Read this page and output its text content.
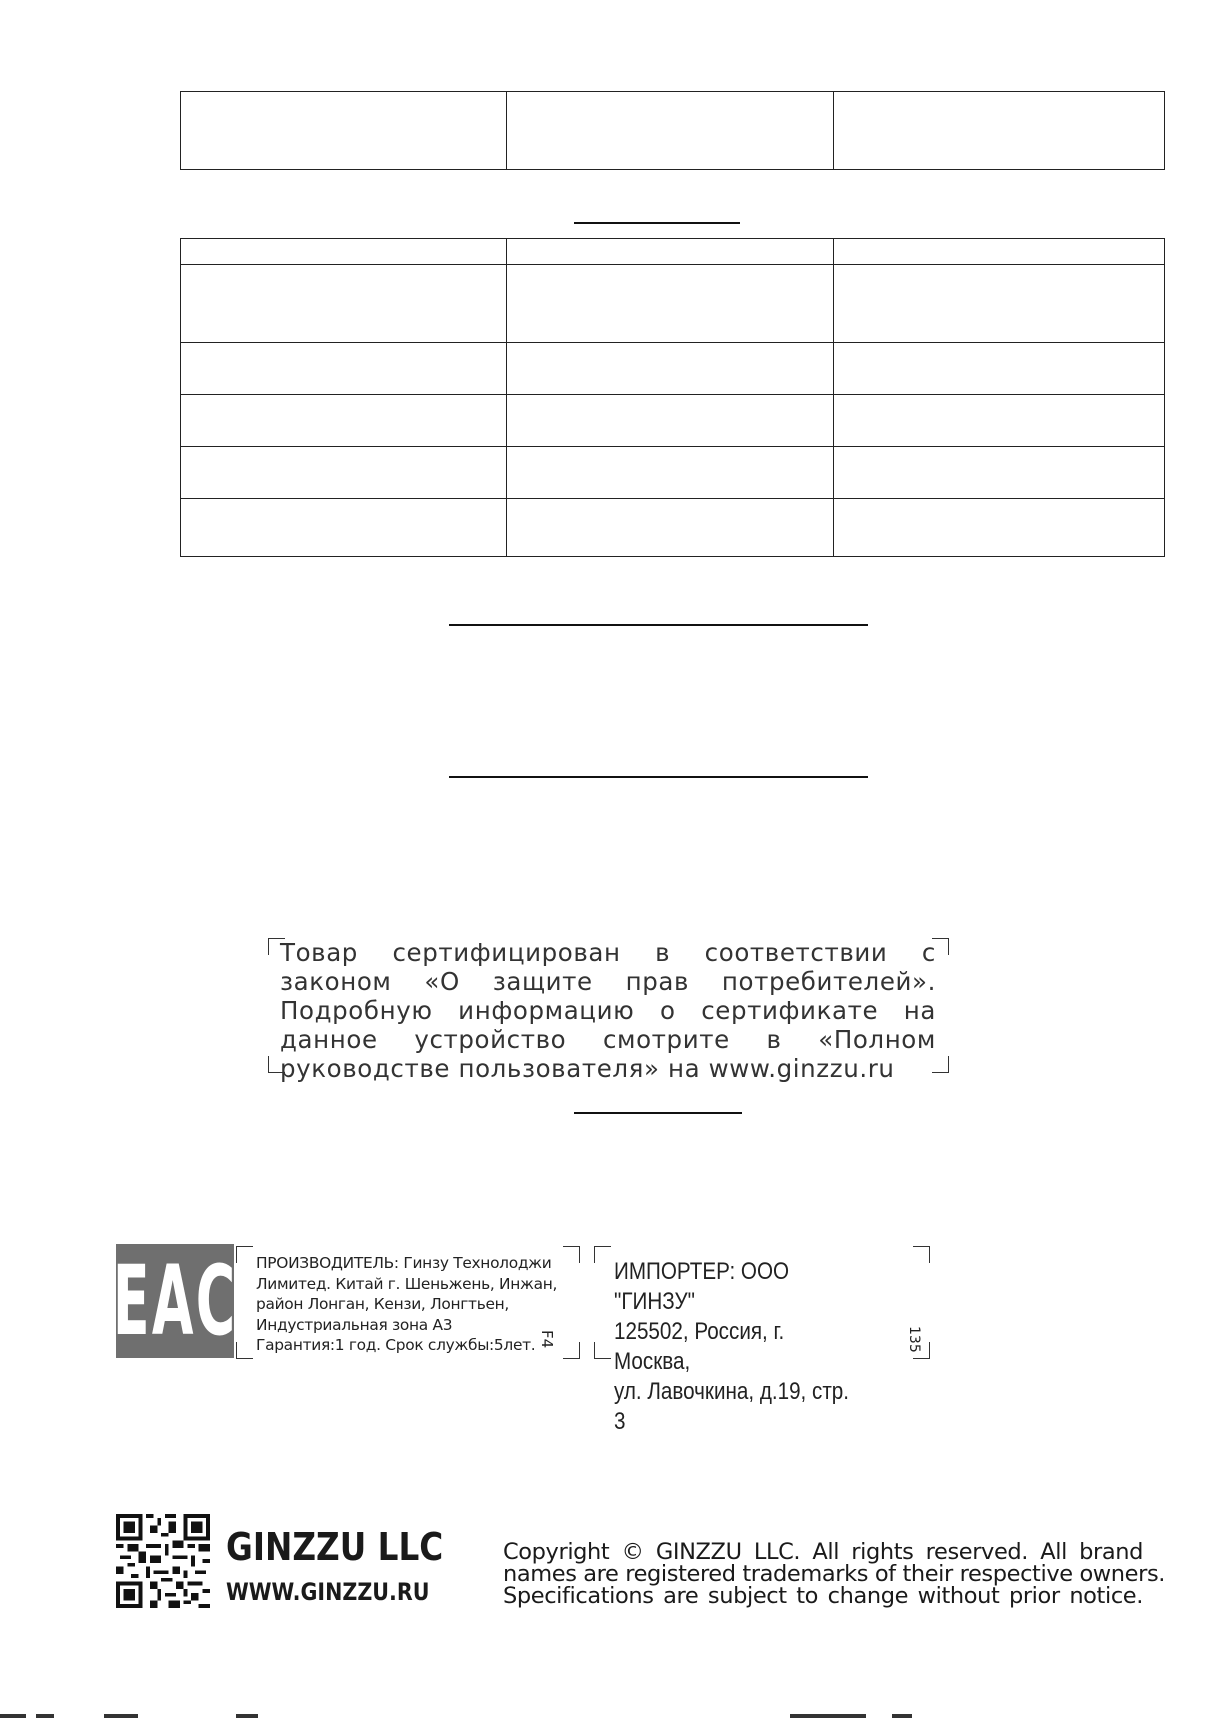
Товар сертифицирован в соответствии с законом «О защите прав потребителей». Подробную информацию о сертификате на данное устройство смотрите в «Полном руководстве пользователя» на www.ginzzu.ru
EAC ПРОИЗВОДИТЕЛЬ: Гинзу Технолоджи
Лимитед. Китай г. Шеньжень, Инжан,
район Лонган, Кензи, Лонгтьен,
Индустриальная зона А3
Гарантия:1 год. Срок службы:5лет. F4
ИМПОРТЕР: ООО "ГИНЗУ"
125502, Россия, г. Москва,
ул. Лавочкина, д.19, стр. 3
135
GINZZU LLC
WWW.GINZZU.RU
Copyright © GINZZU LLC. All rights reserved. All brand
names are registered trademarks of their respective owners.
Specifications are subject to change without prior notice.
